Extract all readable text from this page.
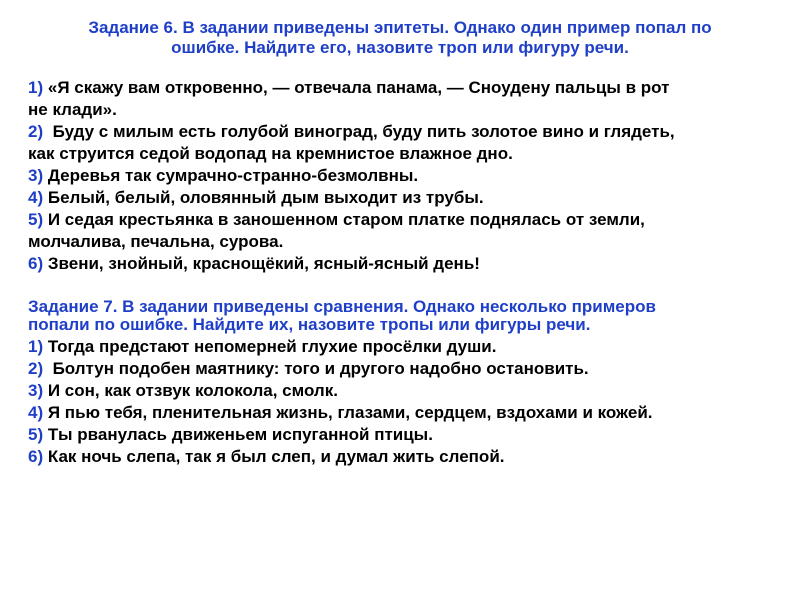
Задание 6. В задании приведены эпитеты. Однако один пример попал по
ошибке. Найдите его, назовите троп или фигуру речи.
1) «Я скажу вам откровенно, — отвечала панама, — Сноудену пальцы в рот
не клади».
2) Буду с милым есть голубой виноград, буду пить золотое вино и глядеть,
как струится седой водопад на кремнистое влажное дно.
3) Деревья так сумрачно-странно-безмолвны.
4) Белый, белый, оловянный дым выходит из трубы.
5) И седая крестьянка в заношенном старом платке поднялась от земли,
молчалива, печальна, сурова.
6) Звени, знойный, краснощёкий, ясный-ясный день!
Задание 7. В задании приведены сравнения. Однако несколько примеров
попали по ошибке. Найдите их, назовите тропы или фигуры речи.
1) Тогда предстают непомерней глухие просёлки души.
2) Болтун подобен маятнику: того и другого надобно остановить.
3) И сон, как отзвук колокола, смолк.
4) Я пью тебя, пленительная жизнь, глазами, сердцем, вздохами и кожей.
5) Ты рванулась движеньем испуганной птицы.
6) Как ночь слепа, так я был слеп, и думал жить слепой.
